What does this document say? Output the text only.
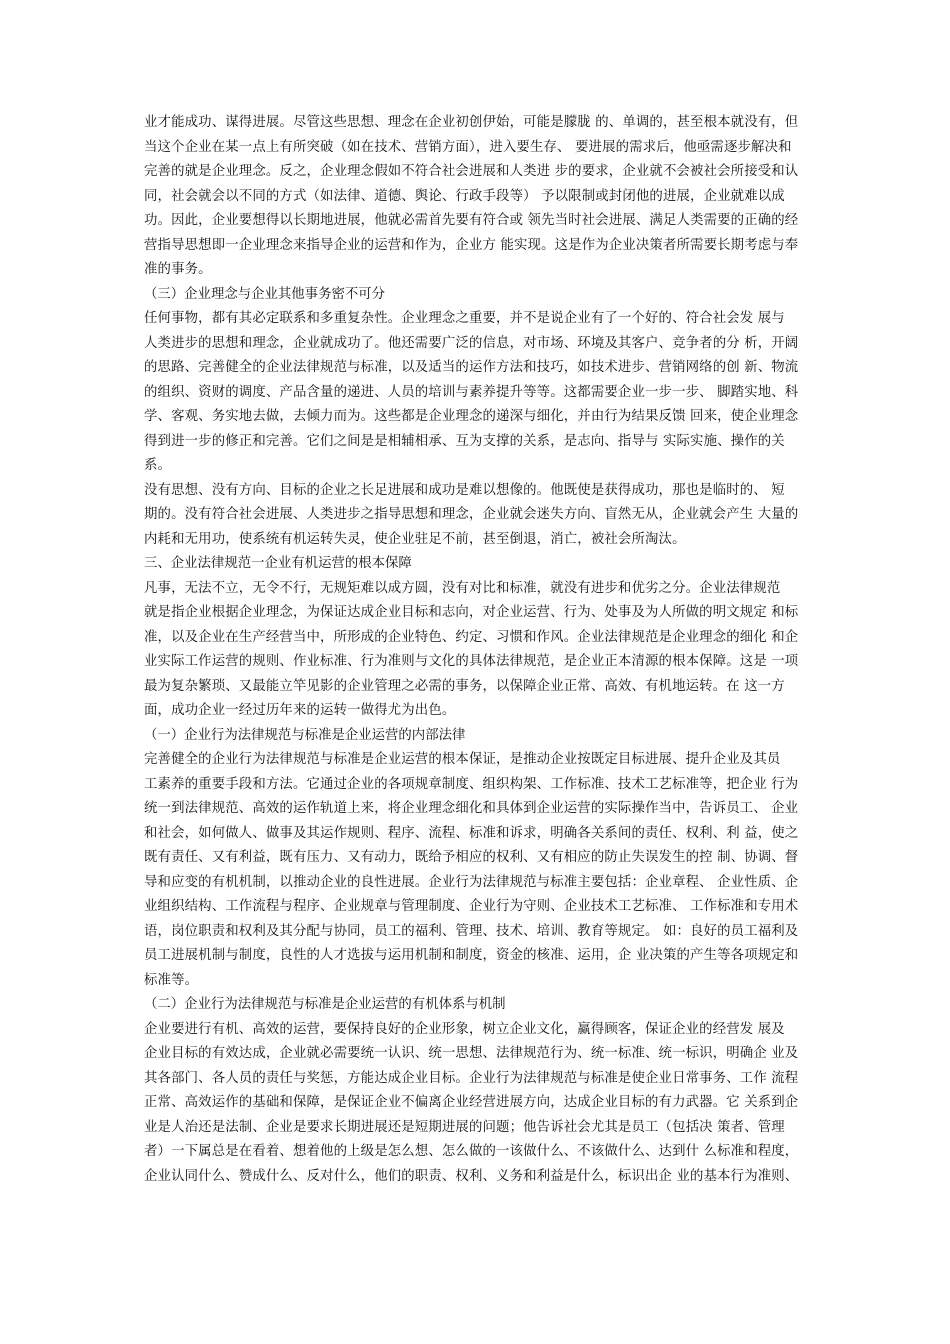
业才能成功、谋得进展。尽管这些思想、理念在企业初创伊始，可能是朦胧 的、单调的，甚至根本就没有，但
当这个企业在某一点上有所突破（如在技术、营销方面），进入要生存、 要进展的需求后，他亟需逐步解决和
完善的就是企业理念。反之，企业理念假如不符合社会进展和人类进 步的要求，企业就不会被社会所接受和认
同，社会就会以不同的方式（如法律、道德、舆论、行政手段等） 予以限制或封闭他的进展，企业就难以成
功。因此，企业要想得以长期地进展，他就必需首先要有符合或 领先当时社会进展、满足人类需要的正确的经
营指导思想即一企业理念来指导企业的运营和作为，企业方 能实现。这是作为企业决策者所需要长期考虑与奉
准的事务。
（三）企业理念与企业其他事务密不可分
任何事物，都有其必定联系和多重复杂性。企业理念之重要，并不是说企业有了一个好的、符合社会发 展与
人类进步的思想和理念，企业就成功了。他还需要广泛的信息，对市场、环境及其客户、竞争者的分 析，开阔
的思路、完善健全的企业法律规范与标准，以及适当的运作方法和技巧，如技术进步、营销网络的创 新、物流
的组织、资财的调度、产品含量的递进、人员的培训与素养提升等等。这都需要企业一步一步、 脚踏实地、科
学、客观、务实地去做，去倾力而为。这些都是企业理念的递深与细化，并由行为结果反馈 回来，使企业理念
得到进一步的修正和完善。它们之间是是相辅相承、互为支撑的关系，是志向、指导与 实际实施、操作的关
系。
没有思想、没有方向、目标的企业之长足进展和成功是难以想像的。他既使是获得成功，那也是临时的、 短
期的。没有符合社会进展、人类进步之指导思想和理念，企业就会迷失方向、盲然无从，企业就会产生 大量的
内耗和无用功，使系统有机运转失灵，使企业驻足不前，甚至倒退，消亡，被社会所淘汰。
三、企业法律规范一企业有机运营的根本保障
凡事，无法不立，无令不行，无规矩难以成方圆，没有对比和标准，就没有进步和优劣之分。企业法律规范
就是指企业根据企业理念，为保证达成企业目标和志向，对企业运营、行为、处事及为人所做的明文规定 和标
准，以及企业在生产经营当中，所形成的企业特色、约定、习惯和作风。企业法律规范是企业理念的细化 和企
业实际工作运营的规则、作业标准、行为准则与文化的具体法律规范，是企业正本清源的根本保障。这是 一项
最为复杂繁琐、又最能立竿见影的企业管理之必需的事务，以保障企业正常、高效、有机地运转。在 这一方
面，成功企业一经过历年来的运转一做得尤为出色。
（一）企业行为法律规范与标准是企业运营的内部法律
完善健全的企业行为法律规范与标准是企业运营的根本保证，是推动企业按既定目标进展、提升企业及其员
工素养的重要手段和方法。它通过企业的各项规章制度、组织构架、工作标准、技术工艺标准等，把企业 行为
统一到法律规范、高效的运作轨道上来，将企业理念细化和具体到企业运营的实际操作当中，告诉员工、 企业
和社会，如何做人、做事及其运作规则、程序、流程、标准和诉求，明确各关系间的责任、权利、利 益，使之
既有责任、又有利益，既有压力、又有动力，既给予相应的权利、又有相应的防止失误发生的控 制、协调、督
导和应变的有机机制，以推动企业的良性进展。企业行为法律规范与标准主要包括：企业章程、 企业性质、企
业组织结构、工作流程与程序、企业规章与管理制度、企业行为守则、企业技术工艺标准、 工作标准和专用术
语，岗位职责和权利及其分配与协同，员工的福利、管理、技术、培训、教育等规定。 如：良好的员工福利及
员工进展机制与制度，良性的人才选拔与运用机制和制度，资金的核准、运用，企 业决策的产生等各项规定和
标准等。
（二）企业行为法律规范与标准是企业运营的有机体系与机制
企业要进行有机、高效的运营，要保持良好的企业形象，树立企业文化，赢得顾客，保证企业的经营发 展及
企业目标的有效达成，企业就必需要统一认识、统一思想、法律规范行为、统一标准、统一标识，明确企 业及
其各部门、各人员的责任与奖惩，方能达成企业目标。企业行为法律规范与标准是使企业日常事务、工作 流程
正常、高效运作的基础和保障，是保证企业不偏离企业经营进展方向，达成企业目标的有力武器。它 关系到企
业是人治还是法制、企业是要求长期进展还是短期进展的问题；他告诉社会尤其是员工（包括决 策者、管理
者）一下属总是在看着、想着他的上级是怎么想、怎么做的一该做什么、不该做什么、达到什 么标准和程度，
企业认同什么、赞成什么、反对什么，他们的职责、权利、义务和利益是什么，标识出企 业的基本行为准则、
